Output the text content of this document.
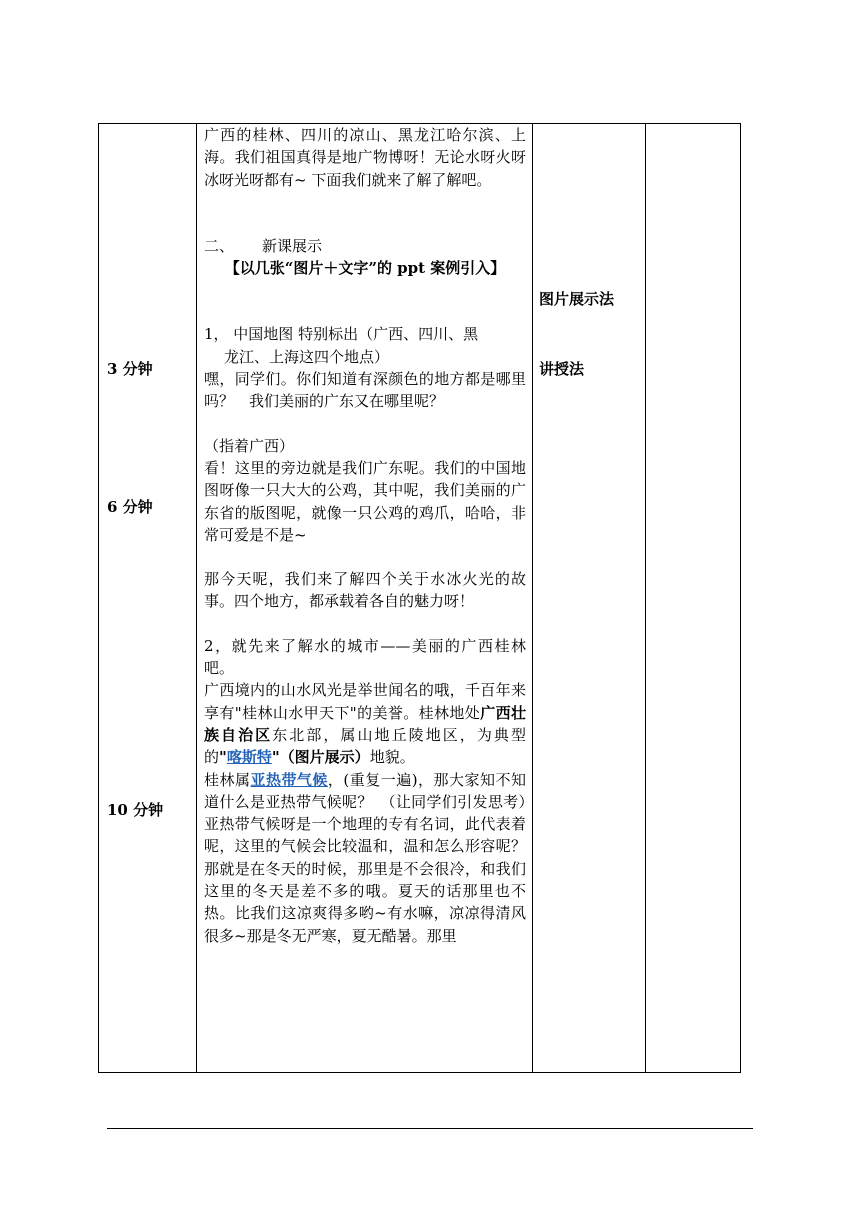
3 分钟
6 分钟
10 分钟

广西的桂林、四川的凉山、黑龙江哈尔滨、上海。我们祖国真得是地广物博呀！无论水呀火呀冰呀光呀都有~ 下面我们就来了解了解吧。

二、	新课展示

【以几张“图片＋文字”的 ppt 案例引入】

1， 中国地图 特别标出（广西、四川、黑

龙江、上海这四个地点）

嘿，同学们。你们知道有深颜色的地方都是哪里吗？　我们美丽的广东又在哪里呢？

（指着广西）

看！这里的旁边就是我们广东呢。我们的中国地图呀像一只大大的公鸡，其中呢，我们美丽的广东省的版图呢，就像一只公鸡的鸡爪，哈哈，非常可爱是不是~

那今天呢，我们来了解四个关于水冰火光的故事。四个地方，都承载着各自的魅力呀！

2，就先来了解水的城市——美丽的广西桂林吧。

广西境内的山水风光是举世闻名的哦，千百年来享有"桂林山水甲天下"的美誉。桂林地处广西壮族自治区东北部，属山地丘陵地区，为典型的"喀斯特"（图片展示）地貌。

桂林属亚热带气候，(重复一遍)，那大家知不知道什么是亚热带气候呢？　（让同学们引发思考）亚热带气候呀是一个地理的专有名词，此代表着呢，这里的气候会比较温和，温和怎么形容呢？那就是在冬天的时候，那里是不会很冷，和我们这里的冬天是差不多的哦。夏天的话那里也不热。比我们这凉爽得多哟~有水嘛，凉凉得清风很多~那是冬无严寒，夏无酷暑。那里

图片展示法
讲授法
